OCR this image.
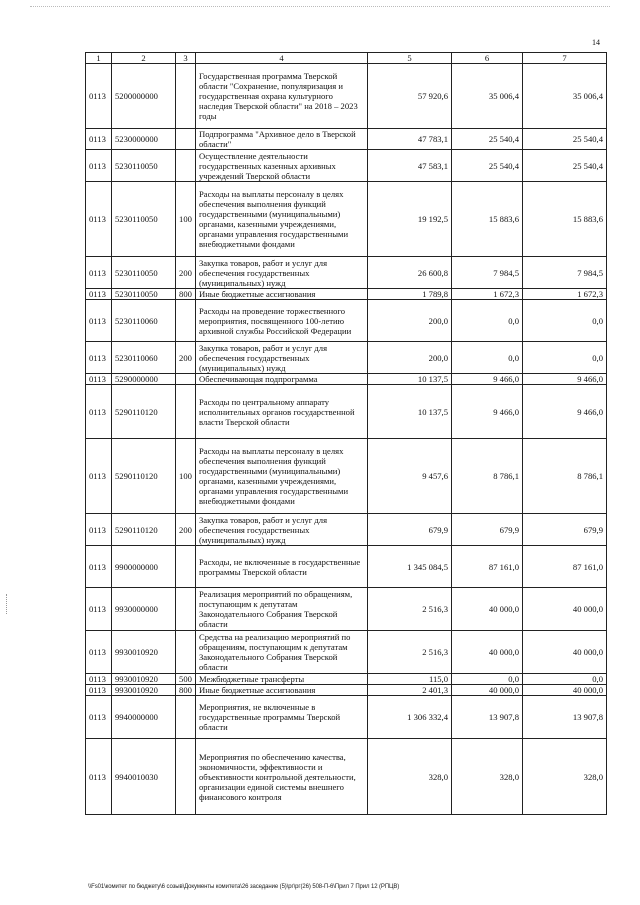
14
1	2	3	4	5	6	7
0113	5200000000		Государственная программа Тверской области "Сохранение, популяризация и государственная охрана культурного наследия Тверской области" на 2018 – 2023 годы	57 920,6	35 006,4	35 006,4
0113	5230000000		Подпрограмма "Архивное дело в Тверской области"	47 783,1	25 540,4	25 540,4
0113	5230110050		Осуществление деятельности государственных казенных архивных учреждений Тверской области	47 583,1	25 540,4	25 540,4
0113	5230110050	100	Расходы на выплаты персоналу в целях обеспечения выполнения функций государственными (муниципальными) органами, казенными учреждениями, органами управления государственными внебюджетными фондами	19 192,5	15 883,6	15 883,6
0113	5230110050	200	Закупка товаров, работ и услуг для обеспечения государственных (муниципальных) нужд	26 600,8	7 984,5	7 984,5
0113	5230110050	800	Иные бюджетные ассигнования	1 789,8	1 672,3	1 672,3
0113	5230110060		Расходы на проведение торжественного мероприятия, посвященного 100-летию архивной службы Российской Федерации	200,0	0,0	0,0
0113	5230110060	200	Закупка товаров, работ и услуг для обеспечения государственных (муниципальных) нужд	200,0	0,0	0,0
0113	5290000000		Обеспечивающая подпрограмма	10 137,5	9 466,0	9 466,0
0113	5290110120		Расходы по центральному аппарату исполнительных органов государственной власти Тверской области	10 137,5	9 466,0	9 466,0
0113	5290110120	100	Расходы на выплаты персоналу в целях обеспечения выполнения функций государственными (муниципальными) органами, казенными учреждениями, органами управления государственными внебюджетными фондами	9 457,6	8 786,1	8 786,1
0113	5290110120	200	Закупка товаров, работ и услуг для обеспечения государственных (муниципальных) нужд	679,9	679,9	679,9
0113	9900000000		Расходы, не включенные в государственные программы Тверской области	1 345 084,5	87 161,0	87 161,0
0113	9930000000		Реализация мероприятий по обращениям, поступающим к депутатам Законодательного Собрания Тверской области	2 516,3	40 000,0	40 000,0
0113	9930010920		Средства на реализацию мероприятий по обращениям, поступающим к депутатам Законодательного Собрания Тверской области	2 516,3	40 000,0	40 000,0
0113	9930010920	500	Межбюджетные трансферты	115,0	0,0	0,0
0113	9930010920	800	Иные бюджетные ассигнования	2 401,3	40 000,0	40 000,0
0113	9940000000		Мероприятия, не включенные в государственные программы Тверской области	1 306 332,4	13 907,8	13 907,8
0113	9940010030		Мероприятия по обеспечению качества, экономичности, эффективности и объективности контрольной деятельности, организации единой системы внешнего финансового контроля	328,0	328,0	328,0
\\Fs01\комитет по бюджету\6 созыв\Документы комитета\26 заседание (5)\рг\рг(26) 508-П-6\Прил 7 Прил 12 (РПЦВ)
